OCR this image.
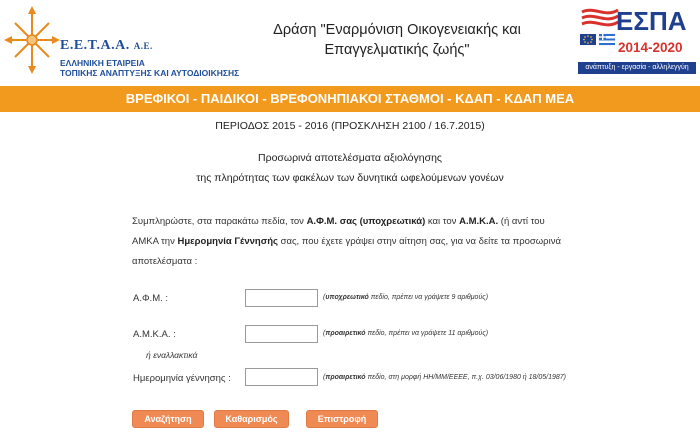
Ε.Ε.Τ.Α.Α. Α.Ε.
ΕΛΛΗΝΙΚΗ ΕΤΑΙΡΕΙΑ
ΤΟΠΙΚΗΣ ΑΝΑΠΤΥΞΗΣ ΚΑΙ ΑΥΤΟΔΙΟΙΚΗΣΗΣ
Δράση "Εναρμόνιση Οικογενειακής και
Επαγγελματικής ζωής"
ΕΣΠΑ
2014-2020
ανάπτυξη - εργασία - αλληλεγγύη
ΒΡΕΦΙΚΟΙ - ΠΑΙΔΙΚΟΙ - ΒΡΕΦΟΝΗΠΙΑΚΟΙ ΣΤΑΘΜΟΙ - ΚΔΑΠ - ΚΔΑΠ ΜΕΑ
ΠΕΡΙΟΔΟΣ 2015 - 2016 (ΠΡΟΣΚΛΗΣΗ 2100 / 16.7.2015)
Προσωρινά αποτελέσματα αξιολόγησης
της πληρότητας των φακέλων των δυνητικά ωφελούμενων γονέων
Συμπληρώστε, στα παρακάτω πεδία, τον Α.Φ.Μ. σας (υποχρεωτικά) και τον Α.Μ.Κ.Α. (ή αντί του ΑΜΚΑ την Ημερομηνία Γέννησής σας, που έχετε γράψει στην αίτηση σας, για να δείτε τα προσωρινά αποτελέσματα :
Α.Φ.Μ. :	(υποχρεωτικό πεδίο, πρέπει να γράψετε 9 αριθμούς)
Α.Μ.Κ.Α. :	(προαιρετικό πεδίο, πρέπει να γράψετε 11 αριθμούς)
ή εναλλακτικά
Ημερομηνία γέννησης :	(προαιρετικό πεδίο, στη μορφή ΗΗ/ΜΜ/ΕΕΕΕ, π.χ. 03/06/1980 ή 18/05/1987)
Αναζήτηση	Καθαρισμός	Επιστροφή
